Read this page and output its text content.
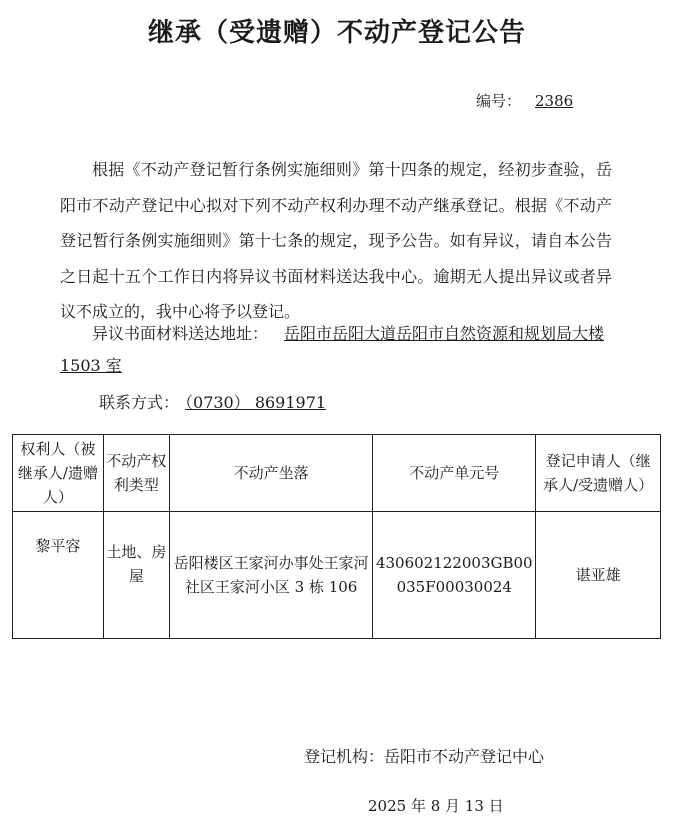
继承（受遗赠）不动产登记公告
编号： 2386
根据《不动产登记暂行条例实施细则》第十四条的规定，经初步查验，岳阳市不动产登记中心拟对下列不动产权利办理不动产继承登记。根据《不动产登记暂行条例实施细则》第十七条的规定，现予公告。如有异议，请自本公告之日起十五个工作日内将异议书面材料送达我中心。逾期无人提出异议或者异议不成立的，我中心将予以登记。
异议书面材料送达地址： 岳阳市岳阳大道岳阳市自然资源和规划局大楼 1503 室
联系方式： （0730） 8691971
权利人（被继承人/遗赠人）	不动产权利类型	不动产坐落	不动产单元号	登记申请人（继承人/受遗赠人）
黎平容	土地、房屋	岳阳楼区王家河办事处王家河社区王家河小区 3 栋 106	430602122003GB00035F00030024	谌亚雄
登记机构：岳阳市不动产登记中心
2025 年 8 月 13 日
